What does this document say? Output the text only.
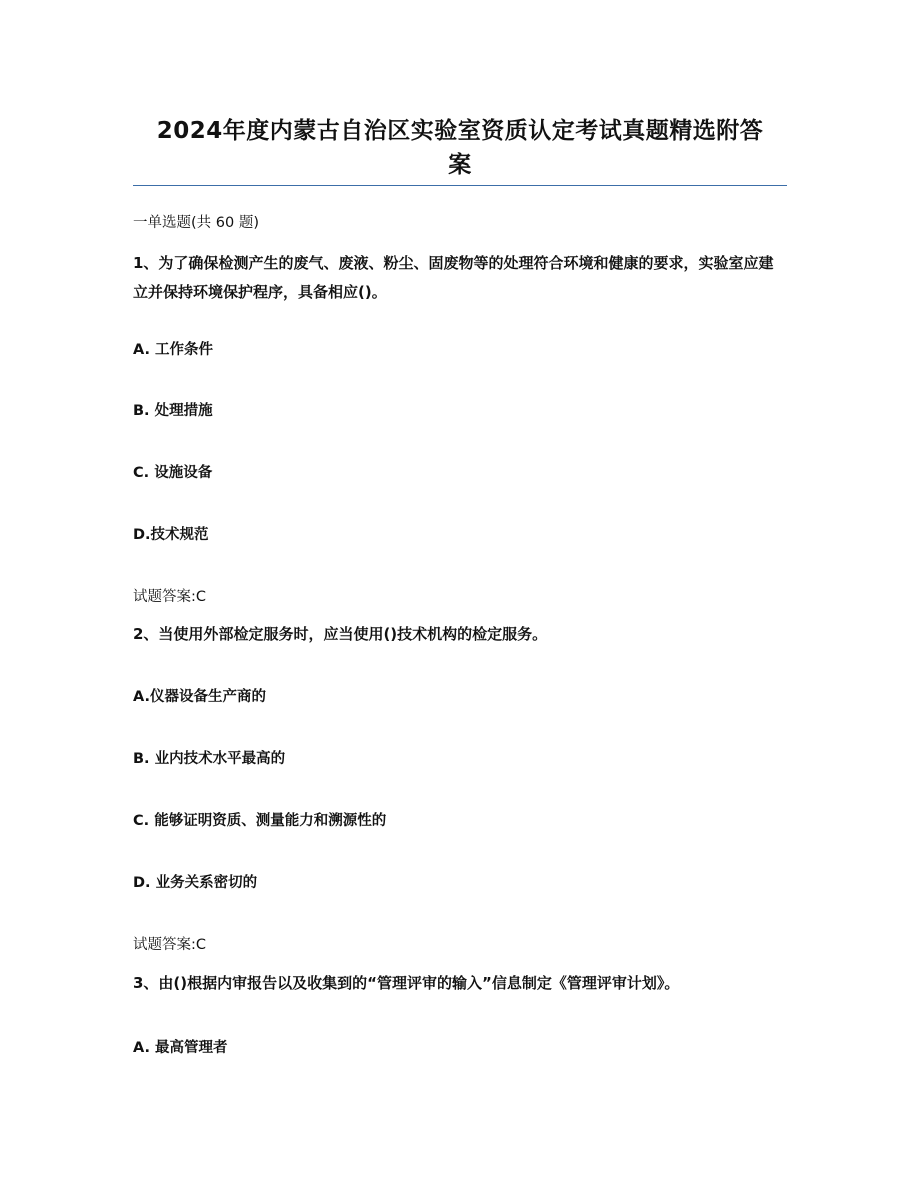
2024年度内蒙古自治区实验室资质认定考试真题精选附答
案
一单选题(共 60 题)
1、为了确保检测产生的废气、废液、粉尘、固废物等的处理符合环境和健康的要求，实验室应建立并保持环境保护程序，具备相应()。
A. 工作条件
B. 处理措施
C. 设施设备
D.技术规范
试题答案:C
2、当使用外部检定服务时，应当使用()技术机构的检定服务。
A.仪器设备生产商的
B. 业内技术水平最高的
C. 能够证明资质、测量能力和溯源性的
D. 业务关系密切的
试题答案:C
3、由()根据内审报告以及收集到的“管理评审的输入”信息制定《管理评审计划》。
A. 最高管理者
